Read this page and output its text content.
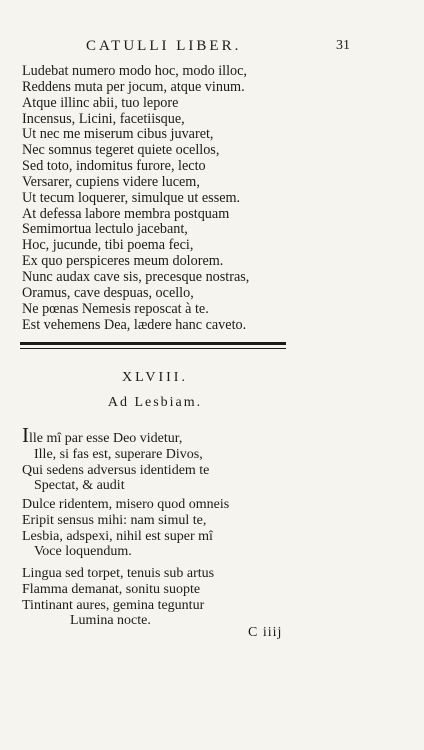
CATULLI LIBER.	31
Ludebat numero modo hoc, modo illoc,
Reddens muta per jocum, atque vinum.
Atque illinc abii, tuo lepore
Incensus, Licini, facetiisque,
Ut nec me miserum cibus juvaret,
Nec somnus tegeret quiete ocellos,
Sed toto, indomitus furore, lecto
Versarer, cupiens videre lucem,
Ut tecum loquerer, simulque ut essem.
At defessa labore membra postquam
Semimortua lectulo jacebant,
Hoc, jucunde, tibi poema feci,
Ex quo perspiceres meum dolorem.
Nunc audax cave sis, precesque nostras,
Oramus, cave despuas, ocello,
Ne pœnas Nemesis reposcat à te.
Est vehemens Dea, lædere hanc caveto.
XLVIII.
Ad Lesbiam.
Ille mî par esse Deo videtur,
Ille, si fas est, superare Divos,
Qui sedens adversus identidem te
Spectat, & audit
Dulce ridentem, misero quod omneis
Eripit sensus mihi: nam simul te,
Lesbia, adspexi, nihil est super mî
Voce loquendum.
Lingua sed torpet, tenuis sub artus
Flamma demanat, sonitu suopte
Tintinant aures, gemina teguntur
Lumina nocte.
C iiij
